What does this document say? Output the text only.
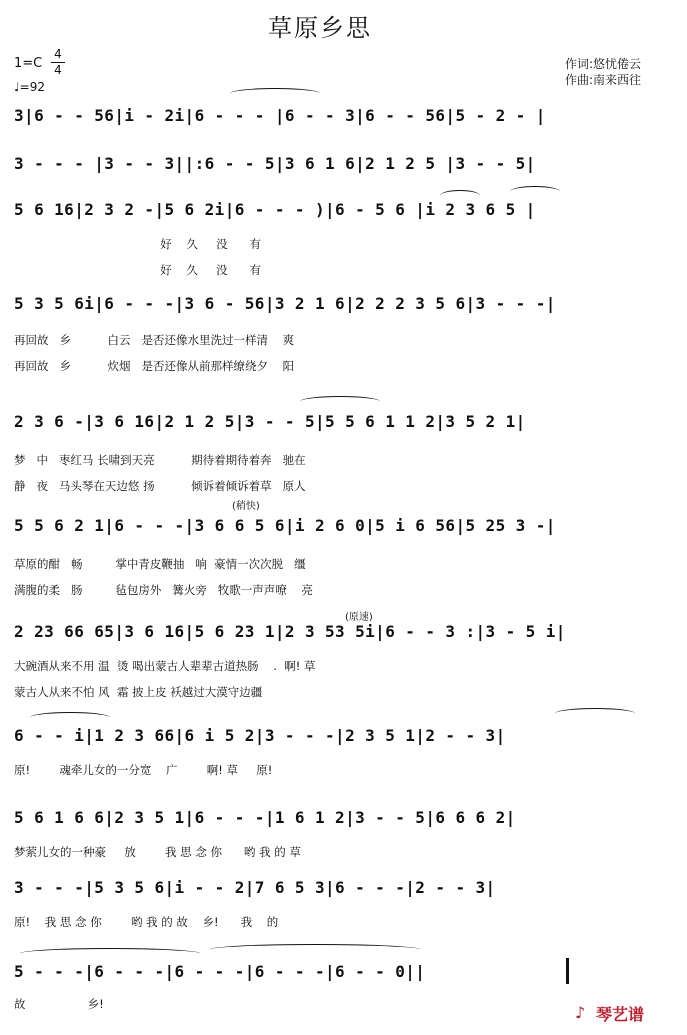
草原乡思
1=C
4
4
♩=92
作词:悠忧倦云
作曲:南来西往
3|6 - - 56|i - 2i|6 - - - |6 - - 3|6 - - 56|5 - 2 - |
3 - - - |3 - - 3||:6 - - 5|3 6 1 6|2 1 2 5 |3 - - 5|
5 6 16|2 3 2 -|5 6 2i|6 - - - )|6 - 5 6 |i 2 3 6 5 |
好    久     没      有
好    久     没      有
5 3 5 6i|6 - - -|3 6 - 56|3 2 1 6|2 2 2 3 5 6|3 - - -|
再回故   乡          白云   是否还像水里洗过一样清    爽
再回故   乡          炊烟   是否还像从前那样缭绕夕    阳
2 3 6 -|3 6 16|2 1 2 5|3 - - 5|5 5 6 1 1 2|3 5 2 1|
梦   中   枣红马 长啸到天亮          期待着期待着奔   驰在
静   夜   马头琴在天边悠 扬          倾诉着倾诉着草   原人
(稍快)
5 5 6 2 1|6 - - -|3 6 6 5 6|i 2 6 0|5 i 6 56|5 25 3 -|
草原的酣   畅         掌中青皮鞭抽   响  豪情一次次脱   缰
满腹的柔   肠         毡包房外   篝火旁   牧歌一声声嘹    亮
(原速)
2 23 66 65|3 6 16|5 6 23 1|2 3 53 5i|6 - - 3 :|3 - 5 i|
大碗酒从来不用 温  烫 喝出蒙古人辈辈古道热肠    .  啊! 草
蒙古人从来不怕 风  霜 披上皮 袄越过大漠守边疆
6 - - i|1 2 3 66|6 i 5 2|3 - - -|2 3 5 1|2 - - 3|
原!        魂牵儿女的一分宽    广        啊! 草     原!
5 6 1 6 6|2 3 5 1|6 - - -|1 6 1 2|3 - - 5|6 6 6 2|
梦萦儿女的一种豪     放        我 思 念 你      哟 我 的 草
3 - - -|5 3 5 6|i - - 2|7 6 5 3|6 - - -|2 - - 3|
原!    我 思 念 你        哟 我 的 故    乡!      我    的
5 - - -|6 - - -|6 - - -|6 - - -|6 - - 0||
故                 乡!	♪ 琴艺谱
